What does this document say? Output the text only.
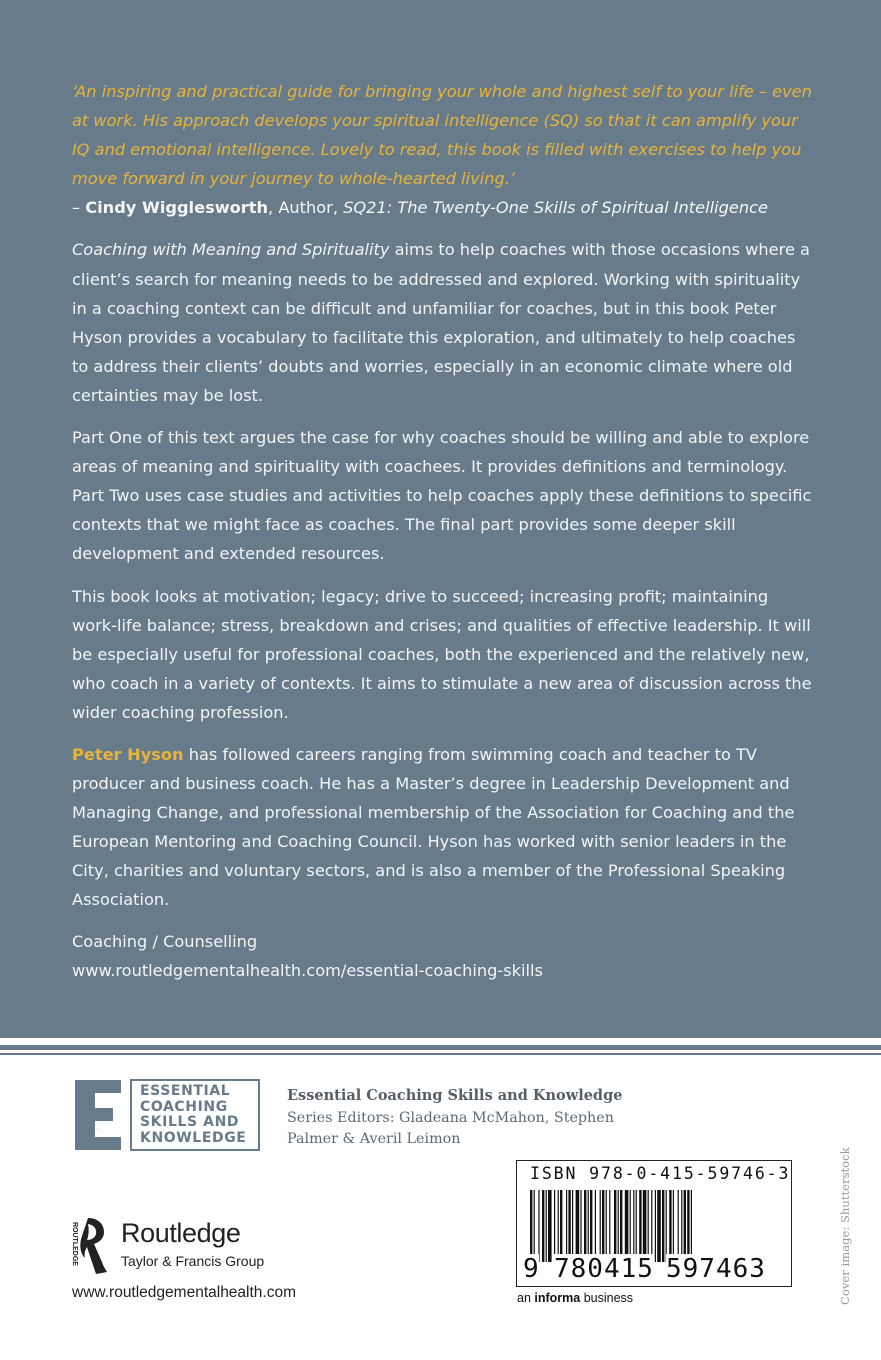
‘An inspiring and practical guide for bringing your whole and highest self to your life – even at work. His approach develops your spiritual intelligence (SQ) so that it can amplify your IQ and emotional intelligence. Lovely to read, this book is filled with exercises to help you move forward in your journey to whole-hearted living.’
– Cindy Wigglesworth, Author, SQ21: The Twenty-One Skills of Spiritual Intelligence

Coaching with Meaning and Spirituality aims to help coaches with those occasions where a client’s search for meaning needs to be addressed and explored. Working with spirituality in a coaching context can be difficult and unfamiliar for coaches, but in this book Peter Hyson provides a vocabulary to facilitate this exploration, and ultimately to help coaches to address their clients’ doubts and worries, especially in an economic climate where old certainties may be lost.

Part One of this text argues the case for why coaches should be willing and able to explore areas of meaning and spirituality with coachees. It provides definitions and terminology. Part Two uses case studies and activities to help coaches apply these definitions to specific contexts that we might face as coaches. The final part provides some deeper skill development and extended resources.

This book looks at motivation; legacy; drive to succeed; increasing profit; maintaining work-life balance; stress, breakdown and crises; and qualities of effective leadership. It will be especially useful for professional coaches, both the experienced and the relatively new, who coach in a variety of contexts. It aims to stimulate a new area of discussion across the wider coaching profession.

Peter Hyson has followed careers ranging from swimming coach and teacher to TV producer and business coach. He has a Master’s degree in Leadership Development and Managing Change, and professional membership of the Association for Coaching and the European Mentoring and Coaching Council. Hyson has worked with senior leaders in the City, charities and voluntary sectors, and is also a member of the Professional Speaking Association.

Coaching / Counselling
www.routledgementalhealth.com/essential-coaching-skills
E
ESSENTIAL
COACHING
SKILLS AND
KNOWLEDGE
Essential Coaching Skills and Knowledge
Series Editors: Gladeana McMahon, Stephen Palmer & Averil Leimon
ROUTLEDGE Routledge
Taylor & Francis Group
www.routledgementalhealth.com
ISBN 978-0-415-59746-3
9 780415 597463
an informa business	Cover image: Shutterstock
